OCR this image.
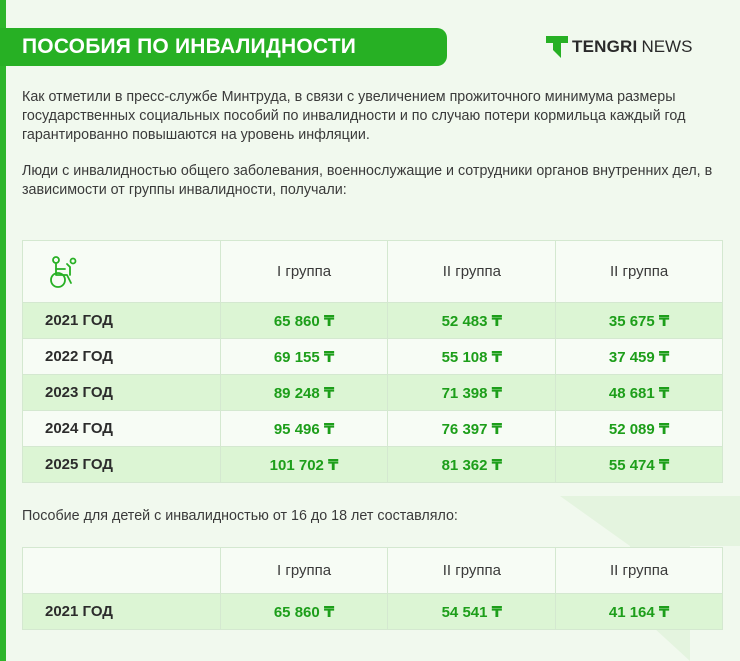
ПОСОБИЯ ПО ИНВАЛИДНОСТИ	TENGRI NEWS

Как отметили в пресс-службе Минтруда, в связи с увеличением прожиточного минимума размеры государственных социальных пособий по инвалидности и по случаю потери кормильца каждый год гарантированно повышаются на уровень инфляции.

Люди с инвалидностью общего заболевания, военнослужащие и сотрудники органов внутренних дел, в зависимости от группы инвалидности, получали:

	I группа	II группа	II группа
2021 ГОД	65 860 ₸	52 483 ₸	35 675 ₸
2022 ГОД	69 155 ₸	55 108 ₸	37 459 ₸
2023 ГОД	89 248 ₸	71 398 ₸	48 681 ₸
2024 ГОД	95 496 ₸	76 397 ₸	52 089 ₸
2025 ГОД	101 702 ₸	81 362 ₸	55 474 ₸

Пособие для детей с инвалидностью от 16 до 18 лет составляло:

	I группа	II группа	II группа
2021 ГОД	65 860 ₸	54 541 ₸	41 164 ₸
